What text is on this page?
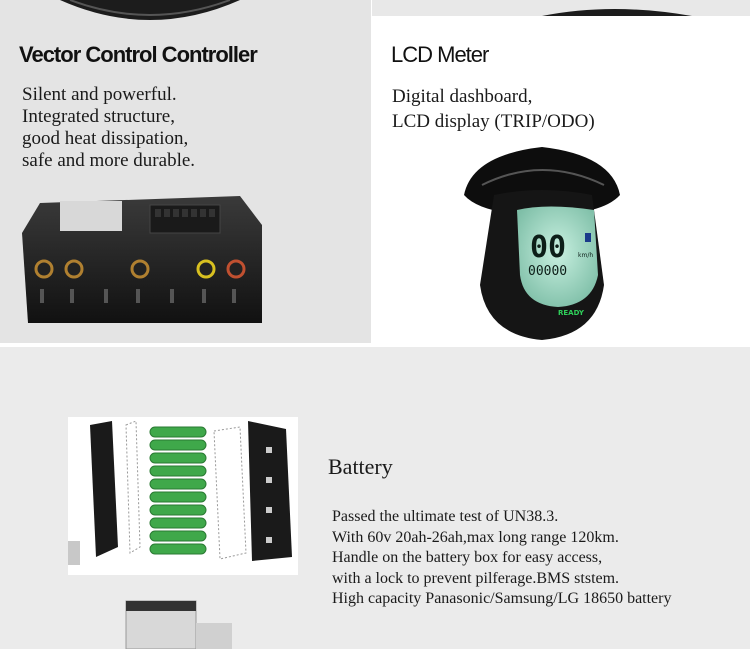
Vector Control Controller
Silent and powerful.
Integrated structure,
good heat dissipation,
safe and more durable.
LCD Meter
Digital dashboard,
LCD display (TRIP/ODO)
00 km/h
00000
READY
Battery
Passed the ultimate test of UN38.3.
With 60v 20ah-26ah,max long range 120km.
Handle on the battery box for easy access,
with a lock to prevent pilferage.BMS ststem.
High capacity Panasonic/Samsung/LG 18650 battery
